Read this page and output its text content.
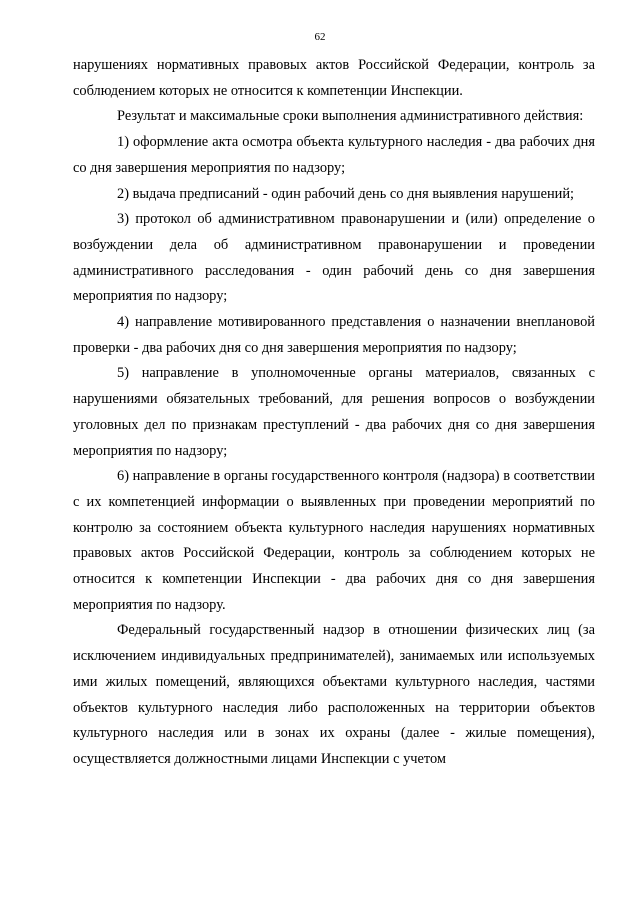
62

нарушениях нормативных правовых актов Российской Федерации, контроль за соблюдением которых не относится к компетенции Инспекции.

Результат и максимальные сроки выполнения административного действия:

1) оформление акта осмотра объекта культурного наследия - два рабочих дня со дня завершения мероприятия по надзору;

2) выдача предписаний - один рабочий день со дня выявления нарушений;

3) протокол об административном правонарушении и (или) определение о возбуждении дела об административном правонарушении и проведении административного расследования - один рабочий день со дня завершения мероприятия по надзору;

4) направление мотивированного представления о назначении внеплановой проверки - два рабочих дня со дня завершения мероприятия по надзору;

5) направление в уполномоченные органы материалов, связанных с нарушениями обязательных требований, для решения вопросов о возбуждении уголовных дел по признакам преступлений - два рабочих дня со дня завершения мероприятия по надзору;

6) направление в органы государственного контроля (надзора) в соответствии с их компетенцией информации о выявленных при проведении мероприятий по контролю за состоянием объекта культурного наследия нарушениях нормативных правовых актов Российской Федерации, контроль за соблюдением которых не относится к компетенции Инспекции - два рабочих дня со дня завершения мероприятия по надзору.

Федеральный государственный надзор в отношении физических лиц (за исключением индивидуальных предпринимателей), занимаемых или используемых ими жилых помещений, являющихся объектами культурного наследия, частями объектов культурного наследия либо расположенных на территории объектов культурного наследия или в зонах их охраны (далее - жилые помещения), осуществляется должностными лицами Инспекции с учетом
